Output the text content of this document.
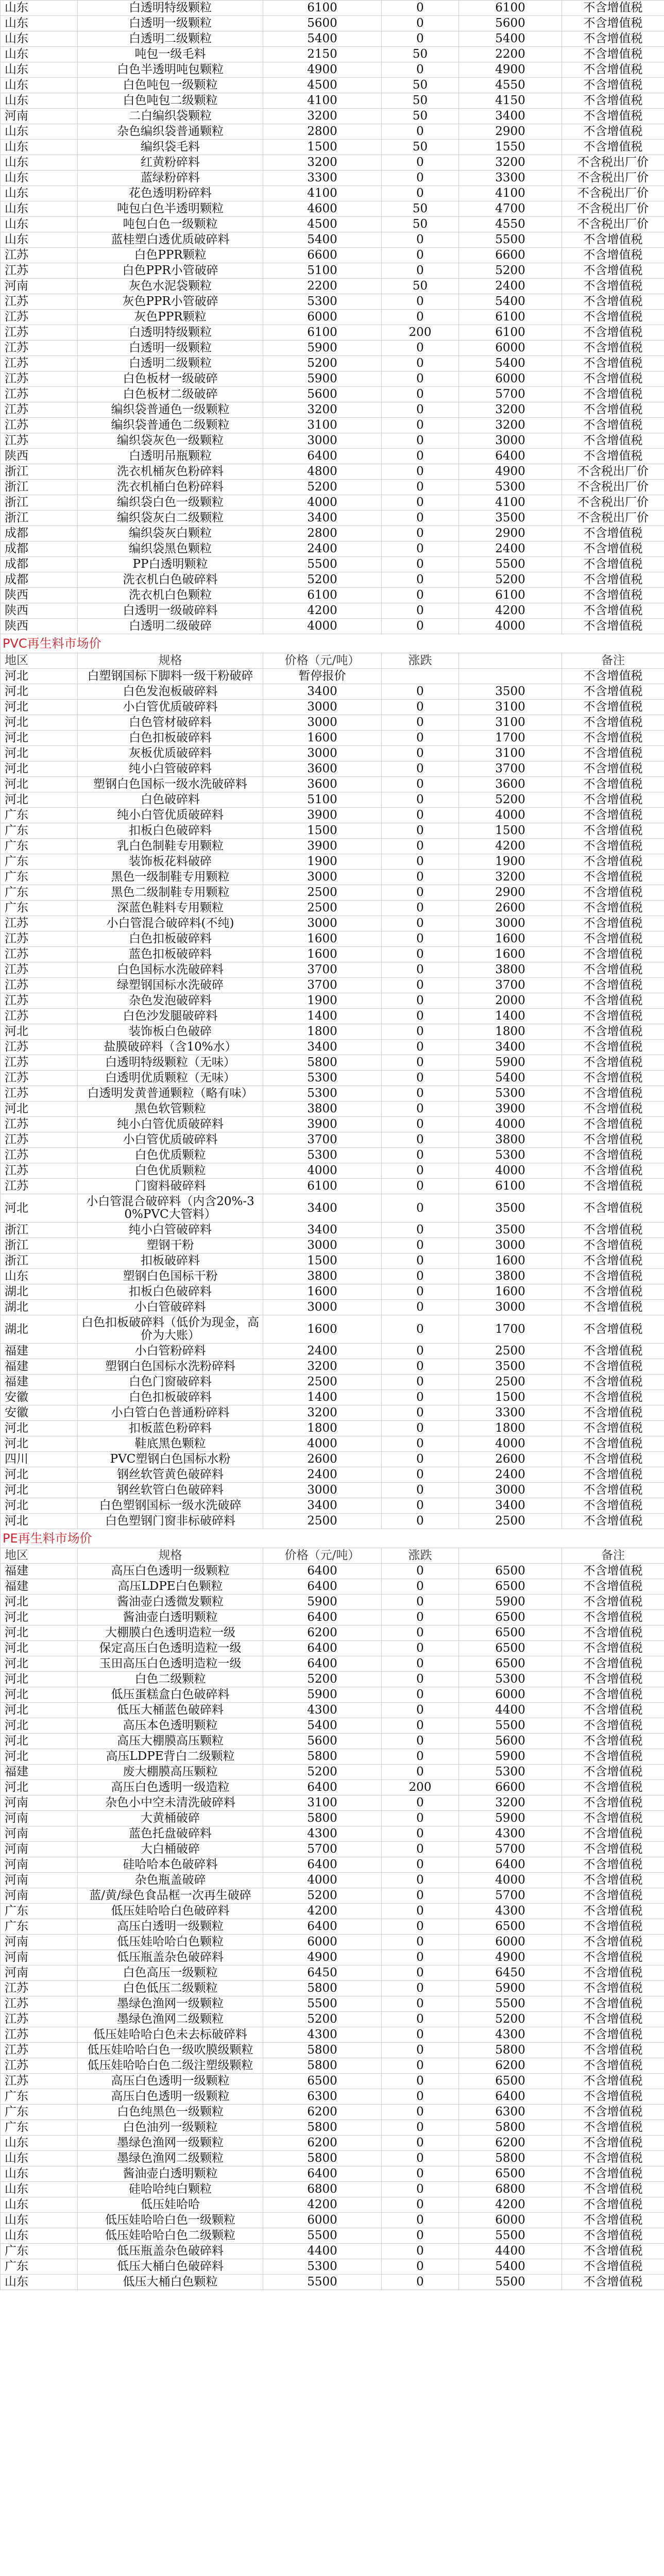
山东	白透明特级颗粒	6100	0	6100	不含增值税
山东	白透明一级颗粒	5600	0	5600	不含增值税
山东	白透明二级颗粒	5400	0	5400	不含增值税
山东	吨包一级毛料	2150	50	2200	不含增值税
山东	白色半透明吨包颗粒	4900	0	4900	不含增值税
山东	白色吨包一级颗粒	4500	50	4550	不含增值税
山东	白色吨包二级颗粒	4100	50	4150	不含增值税
河南	二白编织袋颗粒	3200	50	3400	不含增值税
山东	杂色编织袋普通颗粒	2800	0	2900	不含增值税
山东	编织袋毛料	1500	50	1550	不含增值税
山东	红黄粉碎料	3200	0	3200	不含税出厂价
山东	蓝绿粉碎料	3300	0	3300	不含税出厂价
山东	花色透明粉碎料	4100	0	4100	不含税出厂价
山东	吨包白色半透明颗粒	4600	50	4700	不含税出厂价
山东	吨包白色一级颗粒	4500	50	4550	不含税出厂价
山东	蓝桂塑白透优质破碎料	5400	0	5500	不含增值税
江苏	白色PPR颗粒	6600	0	6600	不含增值税
江苏	白色PPR小管破碎	5100	0	5200	不含增值税
河南	灰色水泥袋颗粒	2200	50	2400	不含增值税
江苏	灰色PPR小管破碎	5300	0	5400	不含增值税
江苏	灰色PPR颗粒	6000	0	6100	不含增值税
江苏	白透明特级颗粒	6100	200	6100	不含增值税
江苏	白透明一级颗粒	5900	0	6000	不含增值税
江苏	白透明二级颗粒	5200	0	5400	不含增值税
江苏	白色板材一级破碎	5900	0	6000	不含增值税
江苏	白色板材二级破碎	5600	0	5700	不含增值税
江苏	编织袋普通色一级颗粒	3200	0	3200	不含增值税
江苏	编织袋普通色二级颗粒	3100	0	3200	不含增值税
江苏	编织袋灰色一级颗粒	3000	0	3000	不含增值税
陕西	白透明吊瓶颗粒	6400	0	6400	不含增值税
浙江	洗衣机桶灰色粉碎料	4800	0	4900	不含税出厂价
浙江	洗衣机桶白色粉碎料	5200	0	5300	不含税出厂价
浙江	编织袋白色一级颗粒	4000	0	4100	不含税出厂价
浙江	编织袋灰白二级颗粒	3400	0	3500	不含税出厂价
成都	编织袋灰白颗粒	2800	0	2900	不含增值税
成都	编织袋黑色颗粒	2400	0	2400	不含增值税
成都	PP白透明颗粒	5500	0	5500	不含增值税
成都	洗衣机白色破碎料	5200	0	5200	不含增值税
陕西	洗衣机白色颗粒	6100	0	6100	不含增值税
陕西	白透明一级破碎料	4200	0	4200	不含增值税
陕西	白透明二级破碎	4000	0	4000	不含增值税
PVC再生料市场价					
地区	规格	价格（元/吨）	涨跌		备注
河北	白塑钢国标下脚料一级干粉破碎	暂停报价			不含增值税
河北	白色发泡板破碎料	3400	0	3500	不含增值税
河北	小白管优质破碎料	3000	0	3100	不含增值税
河北	白色管材破碎料	3000	0	3100	不含增值税
河北	白色扣板破碎料	1600	0	1700	不含增值税
河北	灰板优质破碎料	3000	0	3100	不含增值税
河北	纯小白管破碎料	3600	0	3700	不含增值税
河北	塑钢白色国标一级水洗破碎料	3600	0	3600	不含增值税
河北	白色破碎料	5100	0	5200	不含增值税
广东	纯小白管优质破碎料	3900	0	4000	不含增值税
广东	扣板白色破碎料	1500	0	1500	不含增值税
广东	乳白色制鞋专用颗粒	3900	0	4200	不含增值税
广东	装饰板花料破碎	1900	0	1900	不含增值税
广东	黑色一级制鞋专用颗粒	3000	0	3200	不含增值税
广东	黑色二级制鞋专用颗粒	2500	0	2900	不含增值税
广东	深蓝色鞋料专用颗粒	2500	0	2600	不含增值税
江苏	小白管混合破碎料(不纯)	3000	0	3000	不含增值税
江苏	白色扣板破碎料	1600	0	1600	不含增值税
江苏	蓝色扣板破碎料	1600	0	1600	不含增值税
江苏	白色国标水洗破碎料	3700	0	3800	不含增值税
江苏	绿塑钢国标水洗破碎	3700	0	3700	不含增值税
江苏	杂色发泡破碎料	1900	0	2000	不含增值税
江苏	白色沙发腿破碎料	1400	0	1400	不含增值税
河北	装饰板白色破碎	1800	0	1800	不含增值税
江苏	盐膜破碎料（含10%水）	3400	0	3400	不含增值税
江苏	白透明特级颗粒（无味）	5800	0	5900	不含增值税
江苏	白透明优质颗粒（无味）	5300	0	5400	不含增值税
江苏	白透明发黄普通颗粒（略有味）	5300	0	5300	不含增值税
河北	黑色软管颗粒	3800	0	3900	不含增值税
江苏	纯小白管优质破碎料	3900	0	4000	不含增值税
江苏	小白管优质破碎料	3700	0	3800	不含增值税
江苏	白色优质颗粒	5300	0	5300	不含增值税
江苏	白色优质颗粒	4000	0	4000	不含增值税
江苏	门窗料破碎料	6100	0	6100	不含增值税
河北	小白管混合破碎料（内含20%-30%PVC大管料）	3400	0	3500	不含增值税
浙江	纯小白管破碎料	3400	0	3500	不含增值税
浙江	塑钢干粉	3000	0	3000	不含增值税
浙江	扣板破碎料	1500	0	1600	不含增值税
山东	塑钢白色国标干粉	3800	0	3800	不含增值税
湖北	扣板白色破碎料	1600	0	1600	不含增值税
湖北	小白管破碎料	3000	0	3000	不含增值税
湖北	白色扣板破碎料（低价为现金，高价为大账）	1600	0	1700	不含增值税
福建	小白管粉碎料	2400	0	2500	不含增值税
福建	塑钢白色国标水洗粉碎料	3200	0	3500	不含增值税
福建	白色门窗破碎料	2500	0	2500	不含增值税
安徽	白色扣板破碎料	1400	0	1500	不含增值税
安徽	小白管白色普通粉碎料	3200	0	3300	不含增值税
河北	扣板蓝色粉碎料	1800	0	1800	不含增值税
河北	鞋底黑色颗粒	4000	0	4000	不含增值税
四川	PVC塑钢白色国标水粉	2600	0	2600	不含增值税
河北	钢丝软管黄色破碎料	2400	0	2400	不含增值税
河北	钢丝软管白色破碎料	3000	0	3000	不含增值税
河北	白色塑钢国标一级水洗破碎	3400	0	3400	不含增值税
河北	白色塑钢门窗非标破碎料	2500	0	2500	不含增值税
PE再生料市场价					
地区	规格	价格（元/吨）	涨跌		备注
福建	高压白色透明一级颗粒	6400	0	6500	不含增值税
福建	高压LDPE白色颗粒	6400	0	6500	不含增值税
河北	酱油壶白透微发颗粒	5900	0	5900	不含增值税
河北	酱油壶白透明颗粒	6400	0	6500	不含增值税
河北	大棚膜白色透明造粒一级	6200	0	6500	不含增值税
河北	保定高压白色透明造粒一级	6400	0	6500	不含增值税
河北	玉田高压白色透明造粒一级	6400	0	6500	不含增值税
河北	白色二级颗粒	5200	0	5300	不含增值税
河北	低压蛋糕盒白色破碎料	5900	0	6000	不含增值税
河北	低压大桶蓝色破碎料	4300	0	4400	不含增值税
河北	高压本色透明颗粒	5400	0	5500	不含增值税
河北	高压大棚膜高压颗粒	5600	0	5600	不含增值税
河北	高压LDPE背白二级颗粒	5800	0	5900	不含增值税
福建	废大棚膜高压颗粒	5200	0	5300	不含增值税
河北	高压白色透明一级造粒	6400	200	6600	不含增值税
河南	杂色小中空未清洗破碎料	3100	0	3200	不含增值税
河南	大黄桶破碎	5800	0	5900	不含增值税
河南	蓝色托盘破碎料	4300	0	4300	不含增值税
河南	大白桶破碎	5700	0	5700	不含增值税
河南	硅哈哈本色破碎料	6400	0	6400	不含增值税
河南	杂色瓶盖破碎	4000	0	4000	不含增值税
河南	蓝/黄/绿色食品框一次再生破碎	5200	0	5700	不含增值税
广东	低压娃哈哈白色破碎料	4200	0	4300	不含增值税
广东	高压白透明一级颗粒	6400	0	6500	不含增值税
河南	低压娃哈哈白色颗粒	6000	0	6000	不含增值税
河南	低压瓶盖杂色破碎料	4900	0	4900	不含增值税
河南	白色高压一级颗粒	6450	0	6450	不含增值税
江苏	白色低压二级颗粒	5800	0	5900	不含增值税
江苏	墨绿色渔网一级颗粒	5500	0	5500	不含增值税
江苏	墨绿色渔网二级颗粒	5200	0	5200	不含增值税
江苏	低压娃哈哈白色未去标破碎料	4300	0	4300	不含增值税
江苏	低压娃哈哈白色一级吹膜级颗粒	5800	0	5800	不含增值税
江苏	低压娃哈哈白色二级注塑级颗粒	5800	0	6200	不含增值税
江苏	高压白色透明一级颗粒	6500	0	6500	不含增值税
广东	高压白色透明一级颗粒	6300	0	6400	不含增值税
广东	白色纯黑色一级颗粒	6200	0	6300	不含增值税
广东	白色油列一级颗粒	5800	0	5800	不含增值税
山东	墨绿色渔网一级颗粒	6200	0	6200	不含增值税
山东	墨绿色渔网二级颗粒	5800	0	5800	不含增值税
山东	酱油壶白透明颗粒	6400	0	6500	不含增值税
山东	硅哈哈纯白颗粒	6800	0	6800	不含增值税
山东	低压娃哈哈	4200	0	4200	不含增值税
山东	低压娃哈哈白色一级颗粒	6000	0	6000	不含增值税
山东	低压娃哈哈白色二级颗粒	5500	0	5500	不含增值税
广东	低压瓶盖杂色破碎料	4400	0	4400	不含增值税
广东	低压大桶白色破碎料	5300	0	5400	不含增值税
山东	低压大桶白色颗粒	5500	0	5500	不含增值税
